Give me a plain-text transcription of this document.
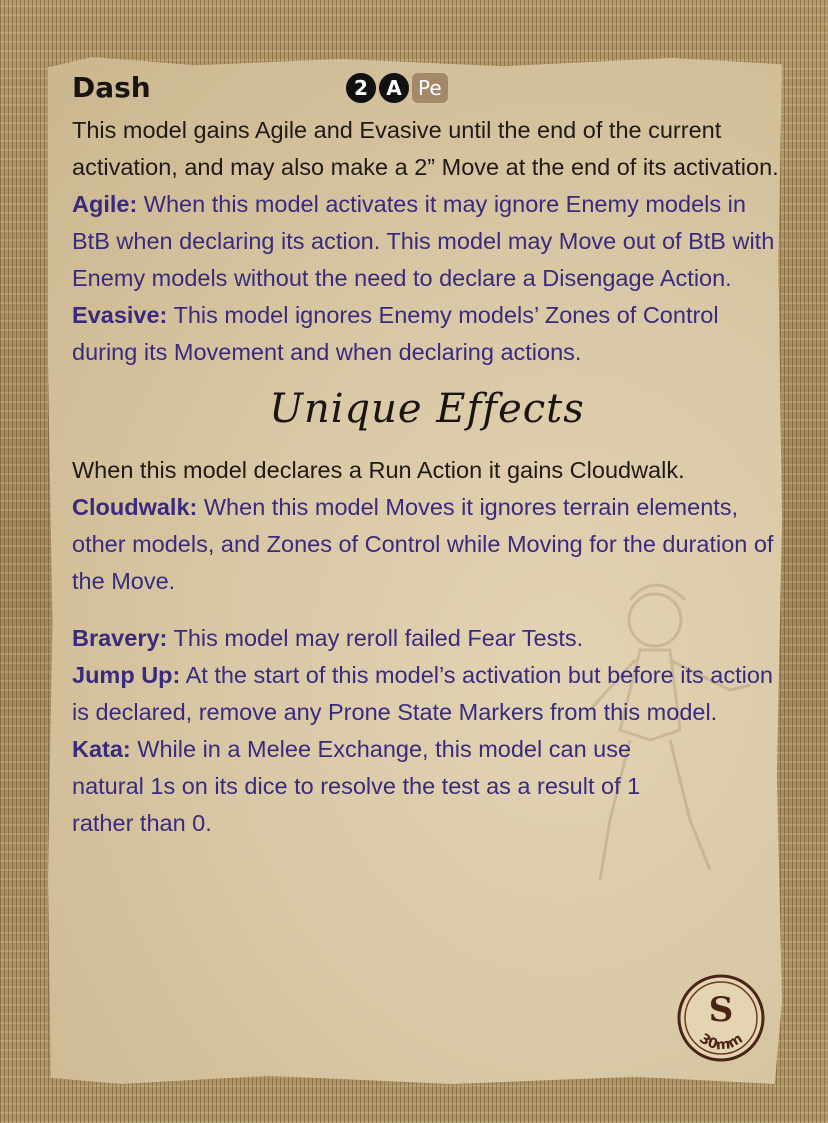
Dash	2 A Pe

This model gains Agile and Evasive until the end of the current activation, and may also make a 2” Move at the end of its activation.

Agile: When this model activates it may ignore Enemy models in BtB when declaring its action. This model may Move out of BtB with Enemy models without the need to declare a Disengage Action.

Evasive: This model ignores Enemy models’ Zones of Control during its Movement and when declaring actions.

Unique Effects

When this model declares a Run Action it gains Cloudwalk.

Cloudwalk: When this model Moves it ignores terrain elements, other models, and Zones of Control while Moving for the duration of the Move.

Bravery: This model may reroll failed Fear Tests.

Jump Up: At the start of this model’s activation but before its action is declared, remove any Prone State Markers from this model.

Kata: While in a Melee Exchange, this model can use natural 1s on its dice to resolve the test as a result of 1 rather than 0.

S
30mm
